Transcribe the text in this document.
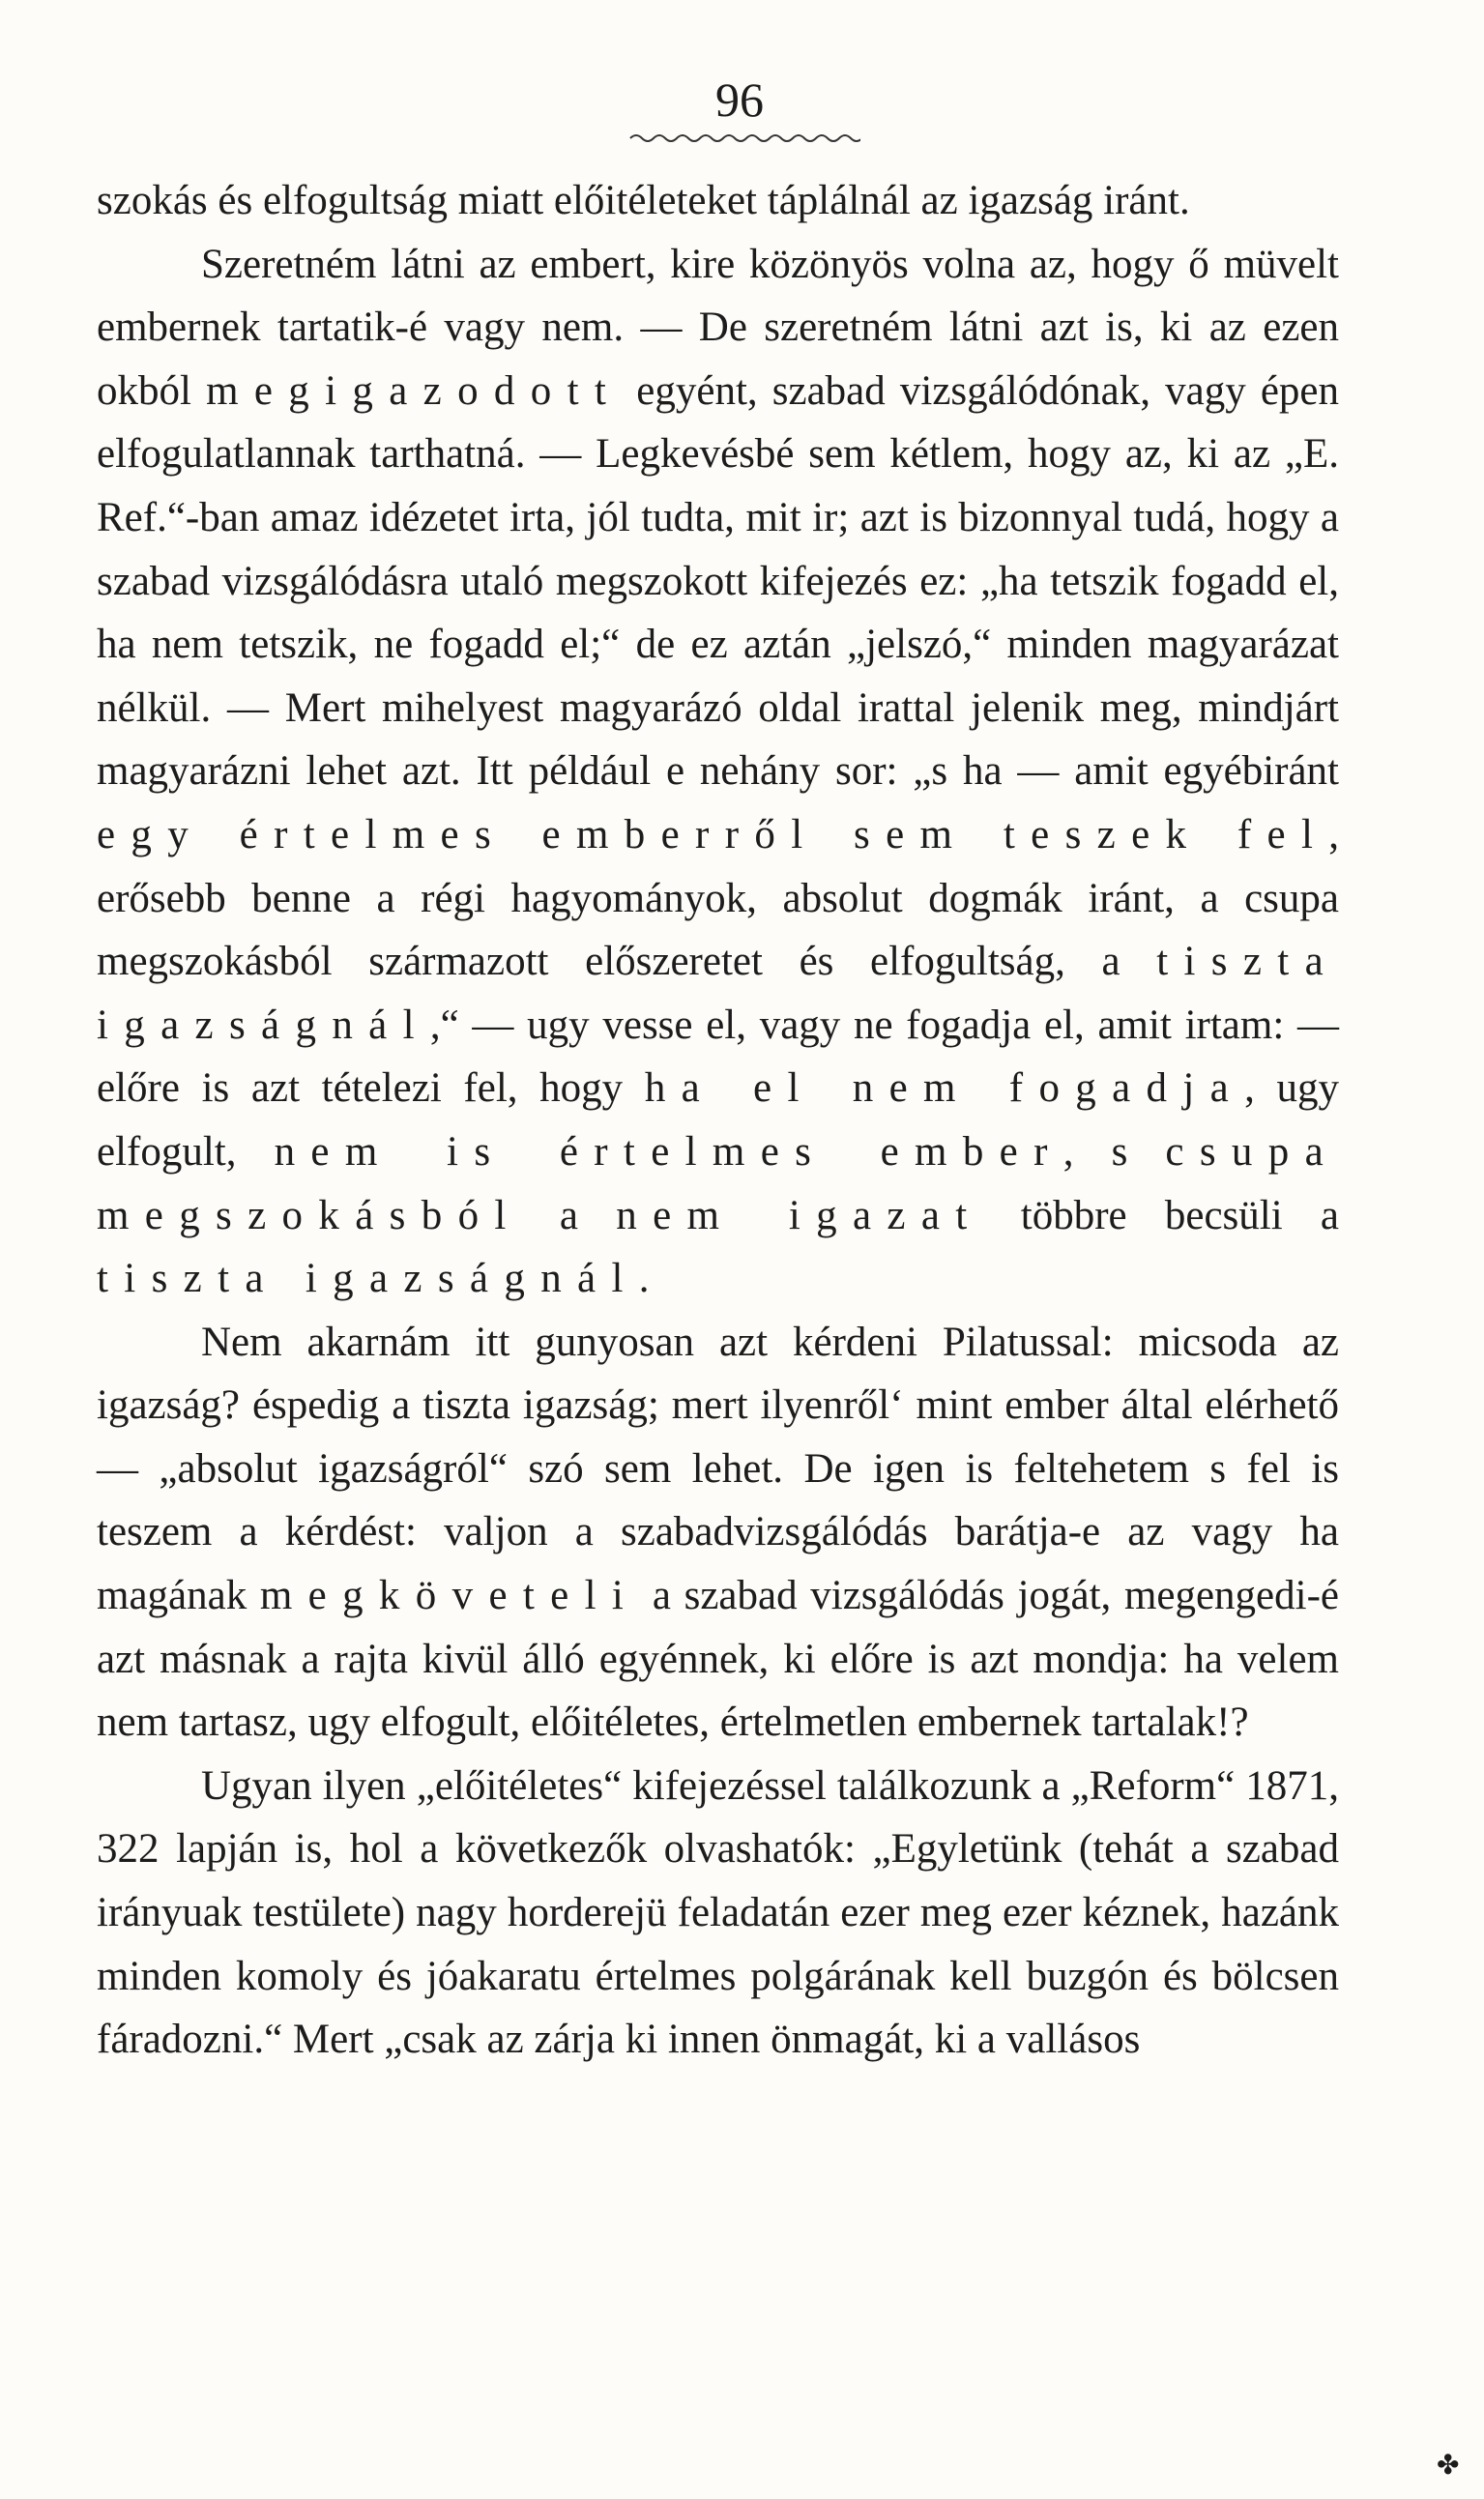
96

szokás és elfogultság miatt előitéleteket táplálnál az igazság iránt.

Szeretném látni az embert, kire közönyös volna az, hogy ő müvelt embernek tartatik-é vagy nem. — De szeretném látni azt is, ki az ezen okból megigazodott egyént, szabad vizsgálódónak, vagy épen elfogulatlannak tarthatná. — Legkevésbé sem kétlem, hogy az, ki az „E. Ref.“-ban amaz idézetet irta, jól tudta, mit ir; azt is bizonnyal tudá, hogy a szabad vizsgálódásra utaló megszokott kifejezés ez: „ha tetszik fogadd el, ha nem tetszik, ne fogadd el;“ de ez aztán „jelszó,“ minden magyarázat nélkül. — Mert mihelyest magyarázó oldal irattal jelenik meg, mindjárt magyarázni lehet azt. Itt például e nehány sor: „s ha — amit egyébiránt egy értelmes emberről sem teszek fel, erősebb benne a régi hagyományok, absolut dogmák iránt, a csupa megszokásból származott előszeretet és elfogultság, a tiszta igazságnál,“ — ugy vesse el, vagy ne fogadja el, amit irtam: — előre is azt tételezi fel, hogy ha el nem fogadja, ugy elfogult, nem is értelmes ember, s csupa megszokásból a nem igazat többre becsüli a tiszta igazságnál.

Nem akarnám itt gunyosan azt kérdeni Pilatussal: micsoda az igazság? éspedig a tiszta igazság; mert ilyenről‘ mint ember által elérhető — „absolut igazságról“ szó sem lehet. De igen is feltehetem s fel is teszem a kérdést: valjon a szabadvizsgálódás barátja-e az vagy ha magának megköveteli a szabad vizsgálódás jogát, megengedi-é azt másnak a rajta kivül álló egyénnek, ki előre is azt mondja: ha velem nem tartasz, ugy elfogult, előitéletes, értelmetlen embernek tartalak!?

Ugyan ilyen „előitéletes“ kifejezéssel találkozunk a „Reform“ 1871, 322 lapján is, hol a következők olvashatók: „Egyletünk (tehát a szabad irányuak testülete) nagy horderejü feladatán ezer meg ezer kéznek, hazánk minden komoly és jóakaratu értelmes polgárának kell buzgón és bölcsen fáradozni.“ Mert „csak az zárja ki innen önmagát, ki a vallásos

✤
